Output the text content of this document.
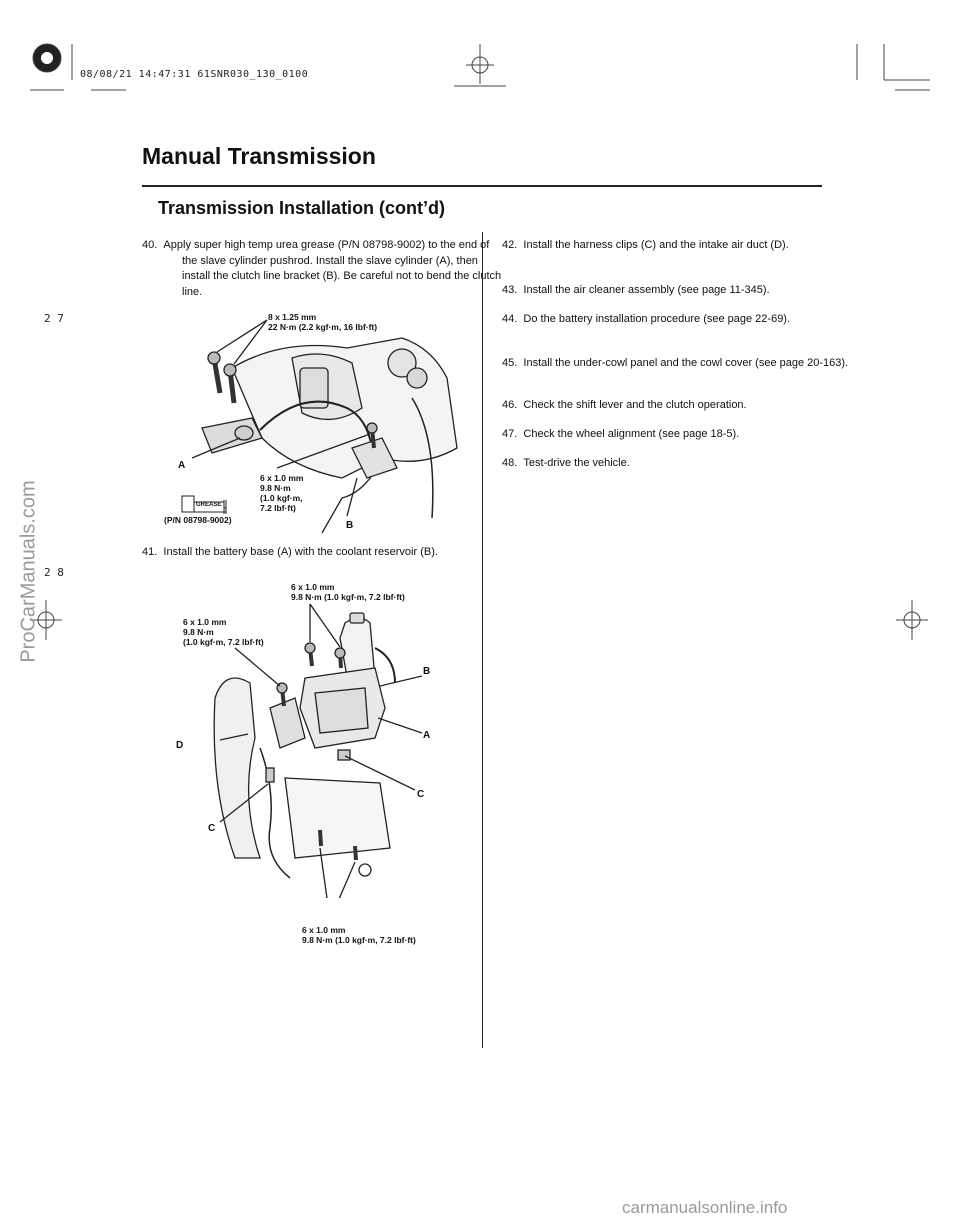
08/08/21 14:47:31 61SNR030_130_0100
2 7
2 8
Manual Transmission
Transmission Installation (cont’d)
40. Apply super high temp urea grease (P/N 08798-9002) to the end of the slave cylinder pushrod. Install the slave cylinder (A), then install the clutch line bracket (B). Be careful not to bend the clutch line.
8 x 1.25 mm
22 N·m (2.2 kgf·m, 16 lbf·ft)
6 x 1.0 mm
9.8 N·m
(1.0 kgf·m,
7.2 lbf·ft)
A
B
GREASE
(P/N 08798-9002)
41. Install the battery base (A) with the coolant reservoir (B).
6 x 1.0 mm
9.8 N·m (1.0 kgf·m, 7.2 lbf·ft)
6 x 1.0 mm
9.8 N·m
(1.0 kgf·m, 7.2 lbf·ft)
B
A
D
C
C
6 x 1.0 mm
9.8 N·m (1.0 kgf·m, 7.2 lbf·ft)
42. Install the harness clips (C) and the intake air duct (D).
43. Install the air cleaner assembly (see page 11-345).
44. Do the battery installation procedure (see page 22-69).
45. Install the under-cowl panel and the cowl cover (see page 20-163).
46. Check the shift lever and the clutch operation.
47. Check the wheel alignment (see page 18-5).
48. Test-drive the vehicle.
ProCarManuals.com
carmanualsonline.info
